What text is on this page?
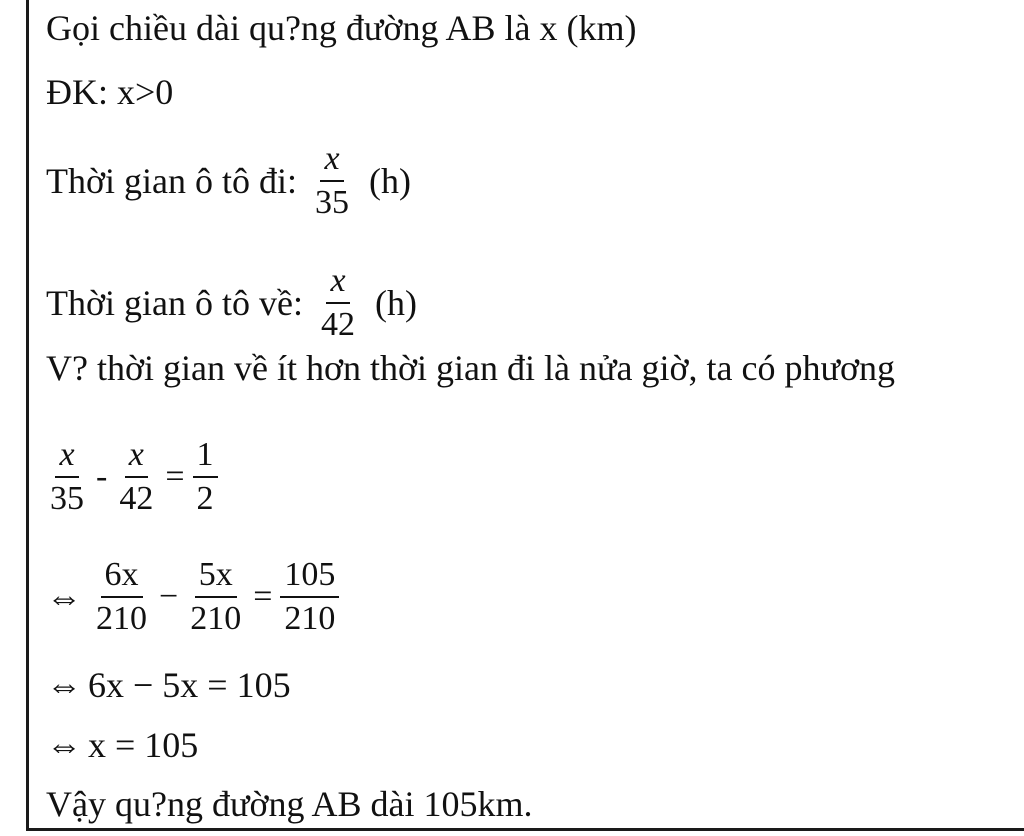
Gọi chiều dài qu?ng đường AB là x (km)
ĐK: x>0
Thời gian ô tô đi: $\frac{x}{35} (h)$
Thời gian ô tô về: $\frac{x}{42} (h)$
V? thời gian về ít hơn thời gian đi là nửa giờ, ta có phương
$\frac{x}{35} - \frac{x}{42} = \frac{1}{2}$
⇔ $\frac{6x}{210} - \frac{5x}{210} = \frac{105}{210}$
⇔ 6x − 5x = 105
⇔ x = 105
Vậy qu?ng đường AB dài 105km.
